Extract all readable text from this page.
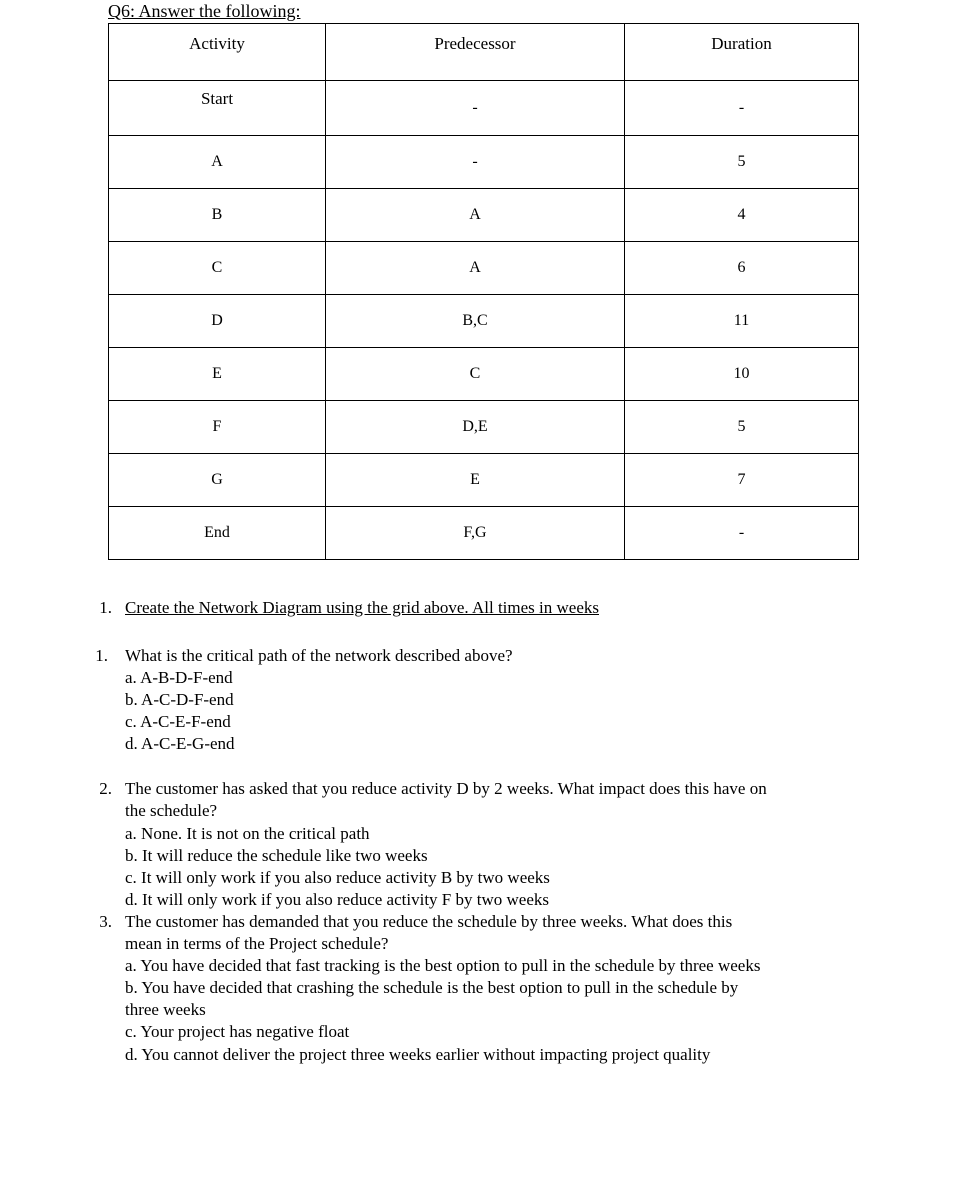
Q6: Answer the following:
Activity	Predecessor	Duration
Start	-	-
A	-	5
B	A	4
C	A	6
D	B,C	11
E	C	10
F	D,E	5
G	E	7
End	F,G	-
1. Create the Network Diagram using the grid above. All times in weeks
1. What is the critical path of the network described above?
a. A-B-D-F-end
b. A-C-D-F-end
c. A-C-E-F-end
d. A-C-E-G-end
2. The customer has asked that you reduce activity D by 2 weeks. What impact does this have on
the schedule?
a. None. It is not on the critical path
b. It will reduce the schedule like two weeks
c. It will only work if you also reduce activity B by two weeks
d. It will only work if you also reduce activity F by two weeks
3. The customer has demanded that you reduce the schedule by three weeks. What does this
mean in terms of the Project schedule?
a. You have decided that fast tracking is the best option to pull in the schedule by three weeks
b. You have decided that crashing the schedule is the best option to pull in the schedule by
three weeks
c. Your project has negative float
d. You cannot deliver the project three weeks earlier without impacting project quality
